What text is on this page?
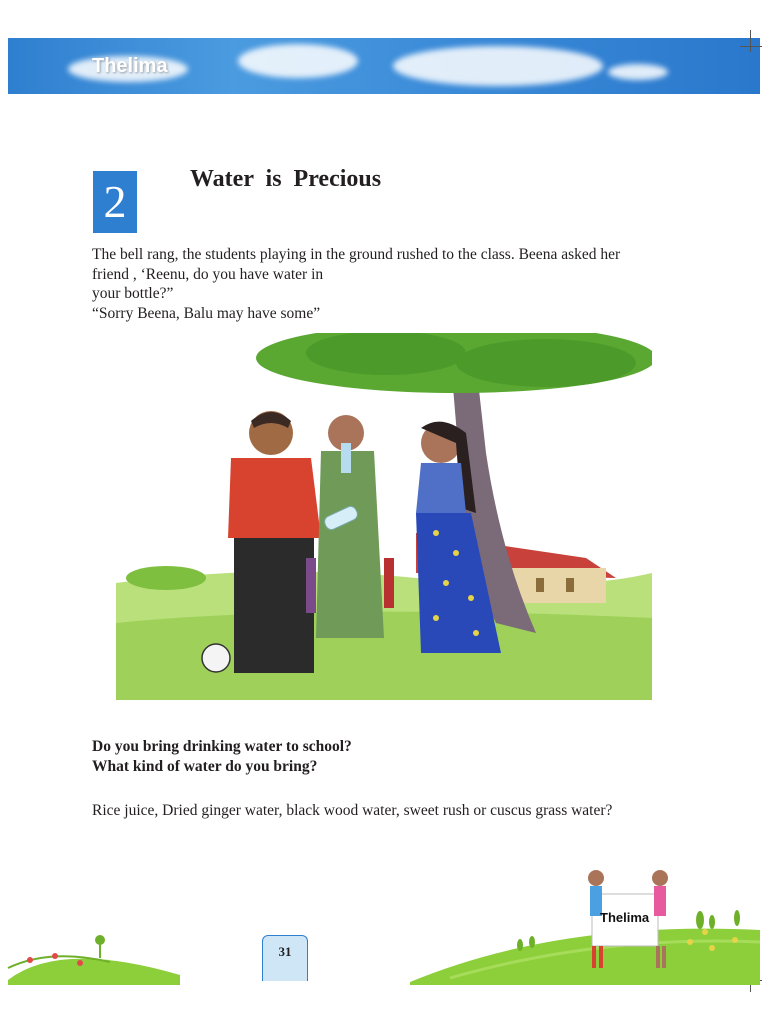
Thelima
2	Water is Precious

The bell rang, the students playing in the ground rushed to the class. Beena asked her

friend , ‘Reenu, do you have water in

your bottle?”

“Sorry Beena, Balu may have some”

Do you bring drinking water to school?
What kind of water do you bring?
Rice juice, Dried ginger water, black wood water, sweet rush or cuscus grass water?
Thelima
31
